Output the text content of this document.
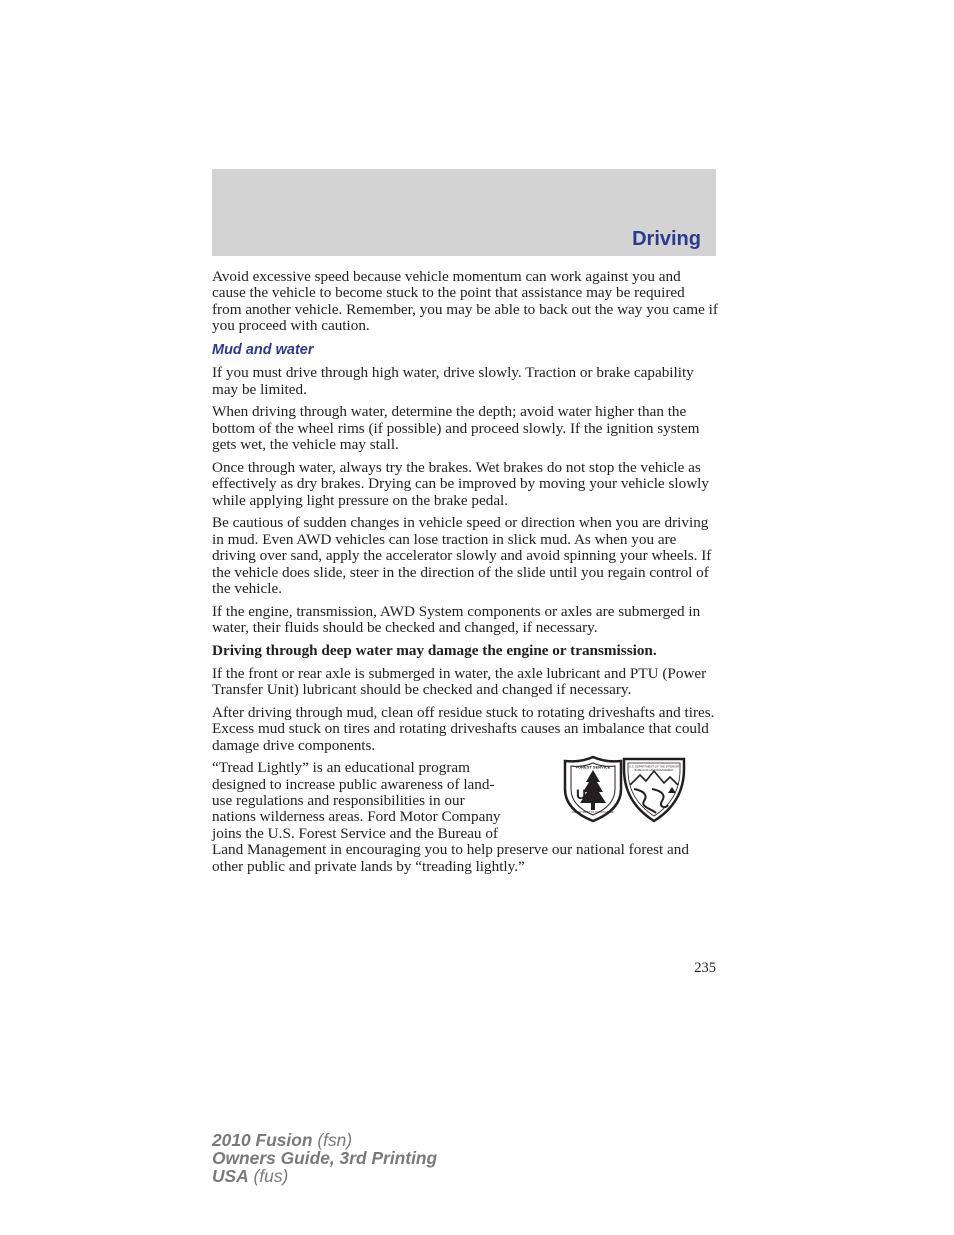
Driving

Avoid excessive speed because vehicle momentum can work against you and cause the vehicle to become stuck to the point that assistance may be required from another vehicle. Remember, you may be able to back out the way you came if you proceed with caution.

Mud and water

If you must drive through high water, drive slowly. Traction or brake capability may be limited.

When driving through water, determine the depth; avoid water higher than the bottom of the wheel rims (if possible) and proceed slowly. If the ignition system gets wet, the vehicle may stall.

Once through water, always try the brakes. Wet brakes do not stop the vehicle as effectively as dry brakes. Drying can be improved by moving your vehicle slowly while applying light pressure on the brake pedal.

Be cautious of sudden changes in vehicle speed or direction when you are driving in mud. Even AWD vehicles can lose traction in slick mud. As when you are driving over sand, apply the accelerator slowly and avoid spinning your wheels. If the vehicle does slide, steer in the direction of the slide until you regain control of the vehicle.

If the engine, transmission, AWD System components or axles are submerged in water, their fluids should be checked and changed, if necessary.

Driving through deep water may damage the engine or transmission.

If the front or rear axle is submerged in water, the axle lubricant and PTU (Power Transfer Unit) lubricant should be checked and changed if necessary.

After driving through mud, clean off residue stuck to rotating driveshafts and tires. Excess mud stuck on tires and rotating driveshafts causes an imbalance that could damage drive components.

US
FOREST SERVICE
DEPARTMENT OF AGRICULTURE
U.S. DEPARTMENT OF THE INTERIOR
BUREAU OF LAND MANAGEMENT

“Tread Lightly” is an educational program designed to increase public awareness of land-use regulations and responsibilities in our nations wilderness areas. Ford Motor Company joins the U.S. Forest Service and the Bureau of Land Management in encouraging you to help preserve our national forest and other public and private lands by “treading lightly.”

235
2010 Fusion (fsn)
Owners Guide, 3rd Printing
USA (fus)
